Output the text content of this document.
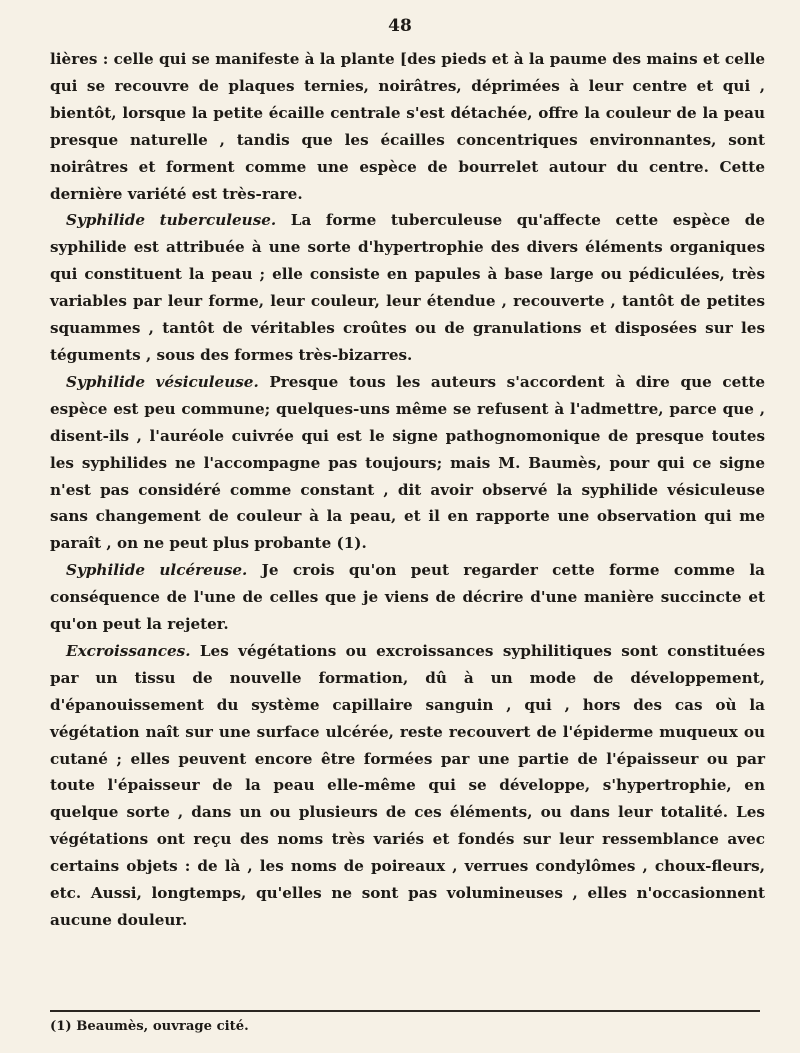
48

lières : celle qui se manifeste à la plante [des pieds et à la paume des mains et celle qui se recouvre de plaques ternies, noirâtres, déprimées à leur centre et qui , bientôt, lorsque la petite écaille centrale s'est détachée, offre la couleur de la peau presque naturelle , tandis que les écailles concentriques environnantes, sont noirâtres et forment comme une espèce de bourrelet autour du centre. Cette dernière variété est très-rare.

Syphilide tuberculeuse. La forme tuberculeuse qu'affecte cette espèce de syphilide est attribuée à une sorte d'hypertrophie des divers éléments organiques qui constituent la peau ; elle consiste en papules à base large ou pédiculées, très variables par leur forme, leur couleur, leur étendue , recouverte , tantôt de petites squammes , tantôt de véritables croûtes ou de granulations et disposées sur les téguments , sous des formes très-bizarres.

Syphilide vésiculeuse. Presque tous les auteurs s'accordent à dire que cette espèce est peu commune; quelques-uns même se refusent à l'admettre, parce que , disent-ils , l'auréole cuivrée qui est le signe pathognomonique de presque toutes les syphilides ne l'accompagne pas toujours; mais M. Baumès, pour qui ce signe n'est pas considéré comme constant , dit avoir observé la syphilide vésiculeuse sans changement de couleur à la peau, et il en rapporte une observation qui me paraît , on ne peut plus probante (1).

Syphilide ulcéreuse. Je crois qu'on peut regarder cette forme comme la conséquence de l'une de celles que je viens de décrire d'une manière succincte et qu'on peut la rejeter.

Excroissances. Les végétations ou excroissances syphilitiques sont constituées par un tissu de nouvelle formation, dû à un mode de développement, d'épanouissement du système capillaire sanguin , qui , hors des cas où la végétation naît sur une surface ulcérée, reste recouvert de l'épiderme muqueux ou cutané ; elles peuvent encore être formées par une partie de l'épaisseur ou par toute l'épaisseur de la peau elle-même qui se développe, s'hypertrophie, en quelque sorte , dans un ou plusieurs de ces éléments, ou dans leur totalité. Les végétations ont reçu des noms très variés et fondés sur leur ressemblance avec certains objets : de là , les noms de poireaux , verrues condylômes , choux-fleurs, etc. Aussi, longtemps, qu'elles ne sont pas volumineuses , elles n'occasionnent aucune douleur.

(1) Beaumès, ouvrage cité.
